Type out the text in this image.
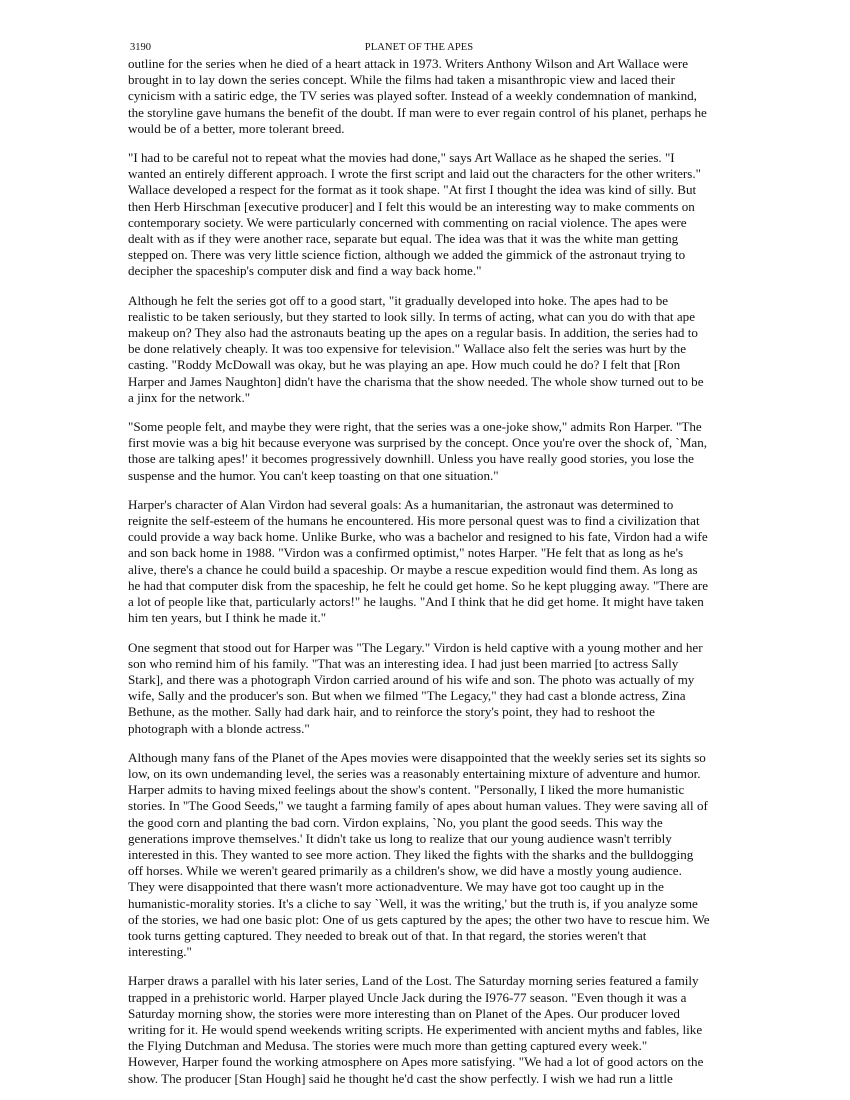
3190	PLANET OF THE APES

outline for the series when he died of a heart attack in 1973. Writers Anthony Wilson and Art Wallace were brought in to lay down the series concept. While the films had taken a misanthropic view and laced their cynicism with a satiric edge, the TV series was played softer. Instead of a weekly condemnation of mankind, the storyline gave humans the benefit of the doubt. If man were to ever regain control of his planet, perhaps he would be of a better, more tolerant breed.

"I had to be careful not to repeat what the movies had done," says Art Wallace as he shaped the series. "I wanted an entirely different approach. I wrote the first script and laid out the characters for the other writers." Wallace developed a respect for the format as it took shape. "At first I thought the idea was kind of silly. But then Herb Hirschman [executive producer] and I felt this would be an interesting way to make comments on contemporary society. We were particularly concerned with commenting on racial violence. The apes were dealt with as if they were another race, separate but equal. The idea was that it was the white man getting stepped on. There was very little science fiction, although we added the gimmick of the astronaut trying to decipher the spaceship's computer disk and find a way back home."

Although he felt the series got off to a good start, "it gradually developed into hoke. The apes had to be realistic to be taken seriously, but they started to look silly. In terms of acting, what can you do with that ape makeup on? They also had the astronauts beating up the apes on a regular basis. In addition, the series had to be done relatively cheaply. It was too expensive for television." Wallace also felt the series was hurt by the casting. "Roddy McDowall was okay, but he was playing an ape. How much could he do? I felt that [Ron Harper and James Naughton] didn't have the charisma that the show needed. The whole show turned out to be a jinx for the network."

"Some people felt, and maybe they were right, that the series was a one-joke show," admits Ron Harper. "The first movie was a big hit because everyone was surprised by the concept. Once you're over the shock of, `Man, those are talking apes!' it becomes progressively downhill. Unless you have really good stories, you lose the suspense and the humor. You can't keep toasting on that one situation."

Harper's character of Alan Virdon had several goals: As a humanitarian, the astronaut was determined to reignite the self-esteem of the humans he encountered. His more personal quest was to find a civilization that could provide a way back home. Unlike Burke, who was a bachelor and resigned to his fate, Virdon had a wife and son back home in 1988. "Virdon was a confirmed optimist," notes Harper. "He felt that as long as he's alive, there's a chance he could build a spaceship. Or maybe a rescue expedition would find them. As long as he had that computer disk from the spaceship, he felt he could get home. So he kept plugging away. "There are a lot of people like that, particularly actors!" he laughs. "And I think that he did get home. It might have taken him ten years, but I think he made it."

One segment that stood out for Harper was "The Legary." Virdon is held captive with a young mother and her son who remind him of his family. "That was an interesting idea. I had just been married [to actress Sally Stark], and there was a photograph Virdon carried around of his wife and son. The photo was actually of my wife, Sally and the producer's son. But when we filmed "The Legacy," they had cast a blonde actress, Zina Bethune, as the mother. Sally had dark hair, and to reinforce the story's point, they had to reshoot the photograph with a blonde actress."

Although many fans of the Planet of the Apes movies were disappointed that the weekly series set its sights so low, on its own undemanding level, the series was a reasonably entertaining mixture of adventure and humor. Harper admits to having mixed feelings about the show's content. "Personally, I liked the more humanistic stories. In "The Good Seeds," we taught a farming family of apes about human values. They were saving all of the good corn and planting the bad corn. Virdon explains, `No, you plant the good seeds. This way the generations improve themselves.' It didn't take us long to realize that our young audience wasn't terribly interested in this. They wanted to see more action. They liked the fights with the sharks and the bulldogging off horses. While we weren't geared primarily as a children's show, we did have a mostly young audience. They were disappointed that there wasn't more actionadventure. We may have got too caught up in the humanistic-morality stories. It's a cliche to say `Well, it was the writing,' but the truth is, if you analyze some of the stories, we had one basic plot: One of us gets captured by the apes; the other two have to rescue him. We took turns getting captured. They needed to break out of that. In that regard, the stories weren't that interesting."

Harper draws a parallel with his later series, Land of the Lost. The Saturday morning series featured a family trapped in a prehistoric world. Harper played Uncle Jack during the I976-77 season. "Even though it was a Saturday morning show, the stories were more interesting than on Planet of the Apes. Our producer loved writing for it. He would spend weekends writing scripts. He experimented with ancient myths and fables, like the Flying Dutchman and Medusa. The stories were much more than getting captured every week."

However, Harper found the working atmosphere on Apes more satisfying. "We had a lot of good actors on the show. The producer [Stan Hough] said he thought he'd cast the show perfectly. I wish we had run a little
